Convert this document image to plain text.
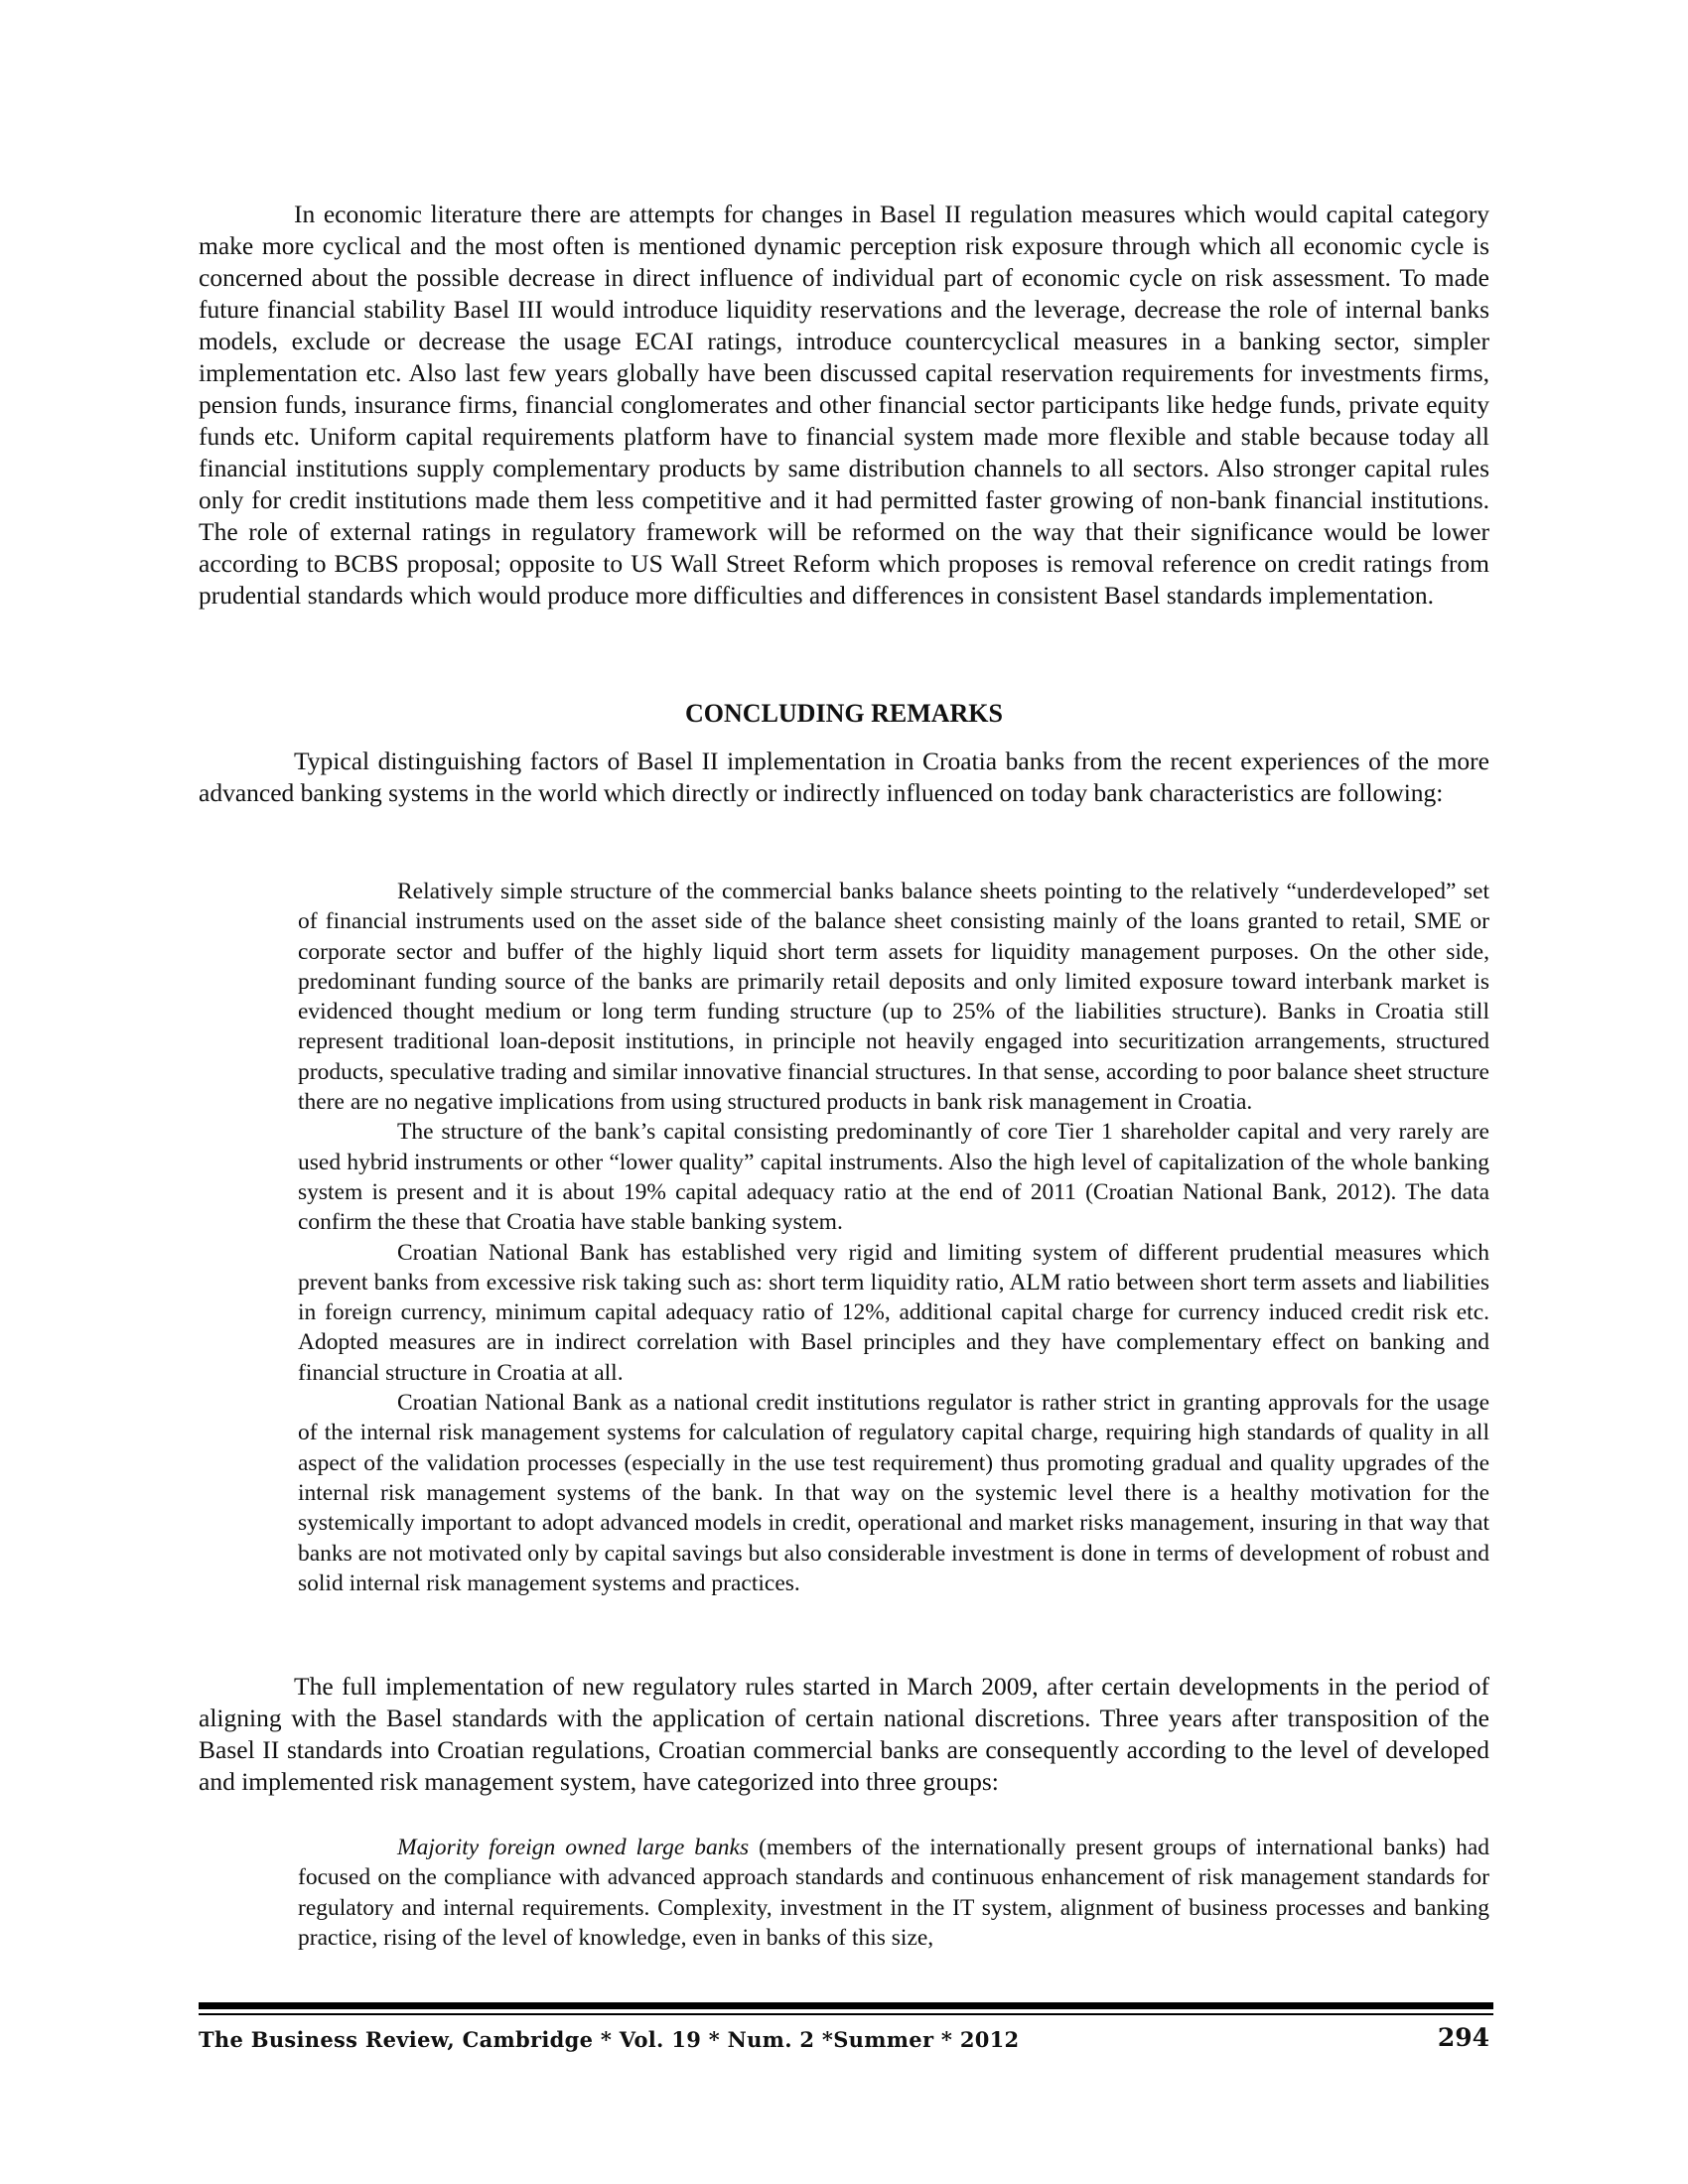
In economic literature there are attempts for changes in Basel II regulation measures which would capital category make more cyclical and the most often is mentioned dynamic perception risk exposure through which all economic cycle is concerned about the possible decrease in direct influence of individual part of economic cycle on risk assessment. To made future financial stability Basel III would introduce liquidity reservations and the leverage, decrease the role of internal banks models, exclude or decrease the usage ECAI ratings, introduce countercyclical measures in a banking sector, simpler implementation etc. Also last few years globally have been discussed capital reservation requirements for investments firms, pension funds, insurance firms, financial conglomerates and other financial sector participants like hedge funds, private equity funds etc. Uniform capital requirements platform have to financial system made more flexible and stable because today all financial institutions supply complementary products by same distribution channels to all sectors. Also stronger capital rules only for credit institutions made them less competitive and it had permitted faster growing of non-bank financial institutions. The role of external ratings in regulatory framework will be reformed on the way that their significance would be lower according to BCBS proposal; opposite to US Wall Street Reform which proposes is removal reference on credit ratings from prudential standards which would produce more difficulties and differences in consistent Basel standards implementation.

CONCLUDING REMARKS

Typical distinguishing factors of Basel II implementation in Croatia banks from the recent experiences of the more advanced banking systems in the world which directly or indirectly influenced on today bank characteristics are following:

Relatively simple structure of the commercial banks balance sheets pointing to the relatively “underdeveloped” set of financial instruments used on the asset side of the balance sheet consisting mainly of the loans granted to retail, SME or corporate sector and buffer of the highly liquid short term assets for liquidity management purposes. On the other side, predominant funding source of the banks are primarily retail deposits and only limited exposure toward interbank market is evidenced thought medium or long term funding structure (up to 25% of the liabilities structure). Banks in Croatia still represent traditional loan-deposit institutions, in principle not heavily engaged into securitization arrangements, structured products, speculative trading and similar innovative financial structures. In that sense, according to poor balance sheet structure there are no negative implications from using structured products in bank risk management in Croatia.

The structure of the bank’s capital consisting predominantly of core Tier 1 shareholder capital and very rarely are used hybrid instruments or other “lower quality” capital instruments. Also the high level of capitalization of the whole banking system is present and it is about 19% capital adequacy ratio at the end of 2011 (Croatian National Bank, 2012). The data confirm the these that Croatia have stable banking system.

Croatian National Bank has established very rigid and limiting system of different prudential measures which prevent banks from excessive risk taking such as: short term liquidity ratio, ALM ratio between short term assets and liabilities in foreign currency, minimum capital adequacy ratio of 12%, additional capital charge for currency induced credit risk etc. Adopted measures are in indirect correlation with Basel principles and they have complementary effect on banking and financial structure in Croatia at all.

Croatian National Bank as a national credit institutions regulator is rather strict in granting approvals for the usage of the internal risk management systems for calculation of regulatory capital charge, requiring high standards of quality in all aspect of the validation processes (especially in the use test requirement) thus promoting gradual and quality upgrades of the internal risk management systems of the bank. In that way on the systemic level there is a healthy motivation for the systemically important to adopt advanced models in credit, operational and market risks management, insuring in that way that banks are not motivated only by capital savings but also considerable investment is done in terms of development of robust and solid internal risk management systems and practices.

The full implementation of new regulatory rules started in March 2009, after certain developments in the period of aligning with the Basel standards with the application of certain national discretions. Three years after transposition of the Basel II standards into Croatian regulations, Croatian commercial banks are consequently according to the level of developed and implemented risk management system, have categorized into three groups:

Majority foreign owned large banks (members of the internationally present groups of international banks) had focused on the compliance with advanced approach standards and continuous enhancement of risk management standards for regulatory and internal requirements. Complexity, investment in the IT system, alignment of business processes and banking practice, rising of the level of knowledge, even in banks of this size,

The Business Review, Cambridge * Vol. 19 * Num. 2 *Summer * 2012	294
